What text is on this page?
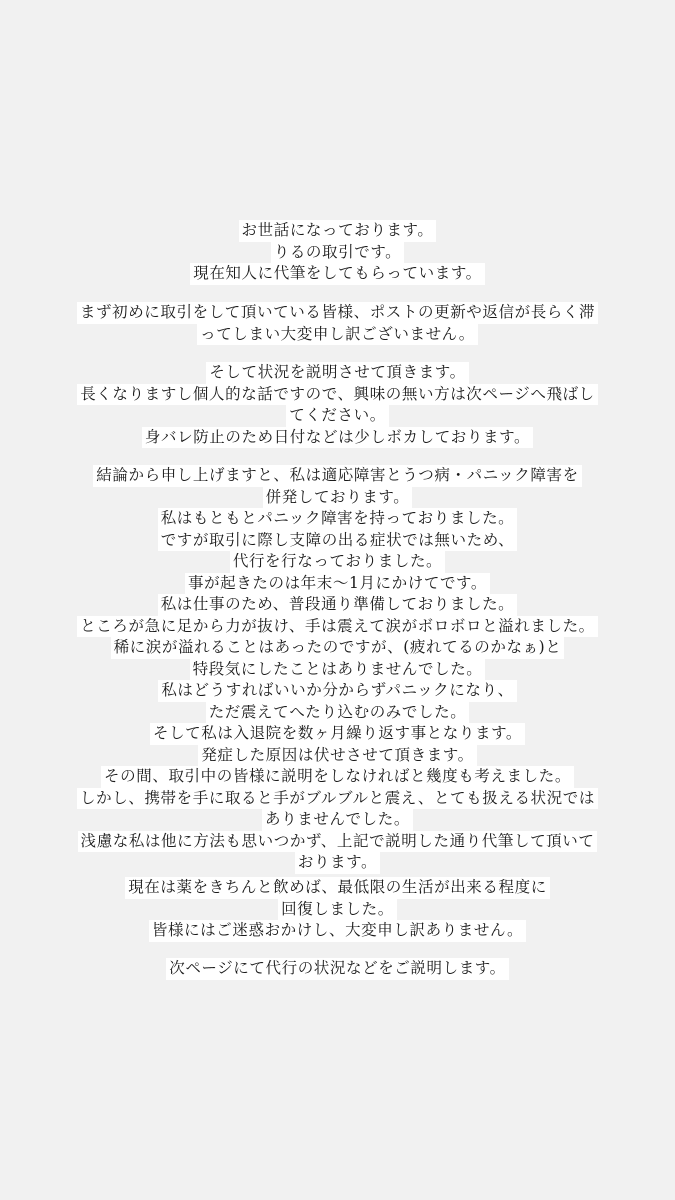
お世話になっております。
りるの取引です。
現在知人に代筆をしてもらっています。
まず初めに取引をして頂いている皆様、ポストの更新や返信が長らく滞
ってしまい大変申し訳ございません。
そして状況を説明させて頂きます。
長くなりますし個人的な話ですので、興味の無い方は次ページへ飛ばし
てください。
身バレ防止のため日付などは少しボカしております。
結論から申し上げますと、私は適応障害とうつ病・パニック障害を
併発しております。
私はもともとパニック障害を持っておりました。
ですが取引に際し支障の出る症状では無いため、
代行を行なっておりました。
事が起きたのは年末〜1月にかけてです。
私は仕事のため、普段通り準備しておりました。
ところが急に足から力が抜け、手は震えて涙がボロボロと溢れました。
稀に涙が溢れることはあったのですが、(疲れてるのかなぁ)と
特段気にしたことはありませんでした。
私はどうすればいいか分からずパニックになり、
ただ震えてへたり込むのみでした。
そして私は入退院を数ヶ月繰り返す事となります。
発症した原因は伏せさせて頂きます。
その間、取引中の皆様に説明をしなければと幾度も考えました。
しかし、携帯を手に取ると手がブルブルと震え、とても扱える状況では
ありませんでした。
浅慮な私は他に方法も思いつかず、上記で説明した通り代筆して頂いて
おります。
現在は薬をきちんと飲めば、最低限の生活が出来る程度に
回復しました。
皆様にはご迷惑おかけし、大変申し訳ありません。
次ページにて代行の状況などをご説明します。
